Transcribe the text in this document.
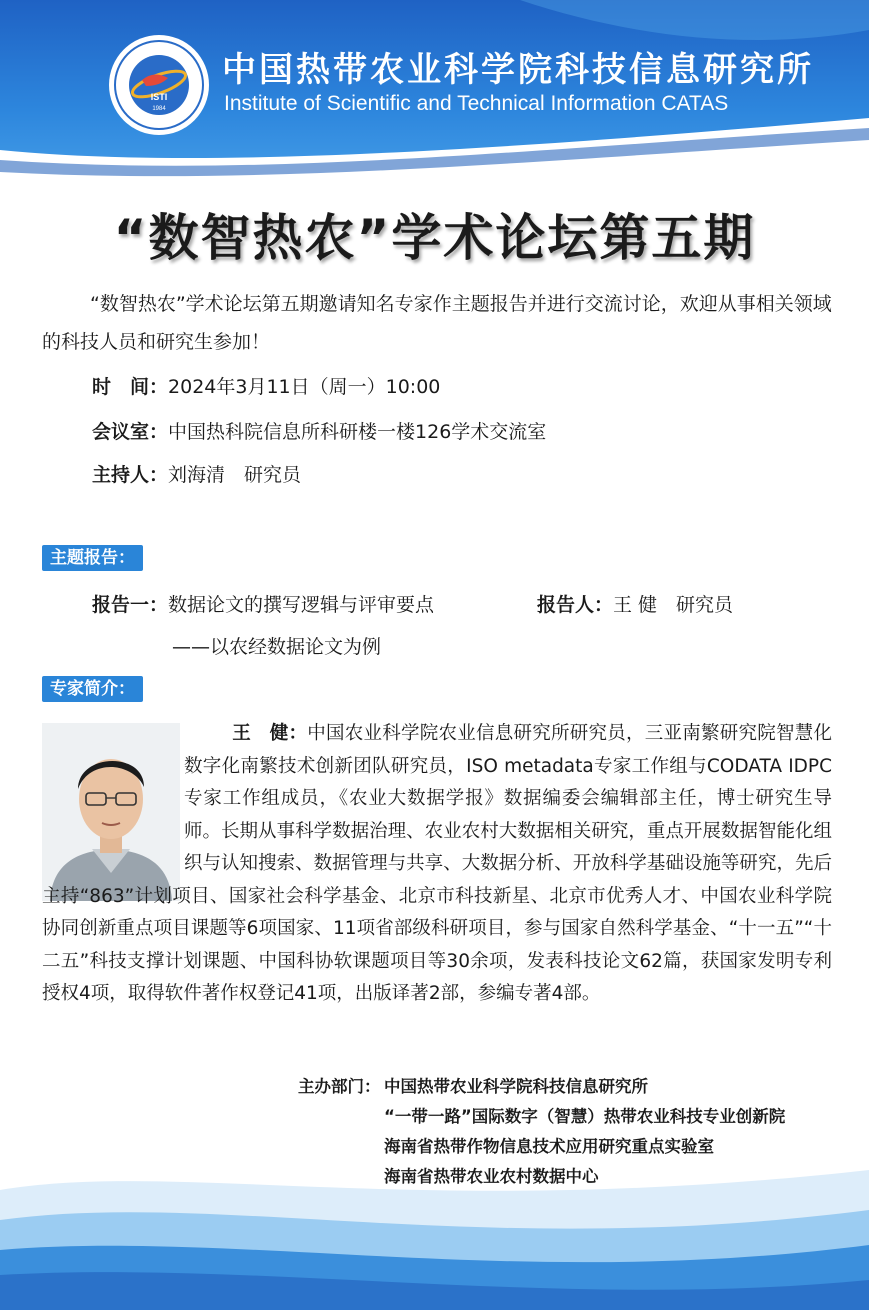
ISTI
1984
中国热带农业科学院科技信息研究所
Institute of Scientific and Technical Information CATAS
“数智热农”学术论坛第五期
“数智热农”学术论坛第五期邀请知名专家作主题报告并进行交流讨论，欢迎从事相关领域的科技人员和研究生参加！
时　间：2024年3月11日（周一）10:00
会议室：中国热科院信息所科研楼一楼126学术交流室
主持人：刘海清　研究员
主题报告：
报告一：数据论文的撰写逻辑与评审要点	报告人：王 健　研究员
——以农经数据论文为例
专家简介：
王　健：中国农业科学院农业信息研究所研究员，三亚南繁研究院智慧化数字化南繁技术创新团队研究员，ISO metadata专家工作组与CODATA IDPC专家工作组成员，《农业大数据学报》数据编委会编辑部主任，博士研究生导师。长期从事科学数据治理、农业农村大数据相关研究，重点开展数据智能化组织与认知搜索、数据管理与共享、大数据分析、开放科学基础设施等研究，先后主持“863”计划项目、国家社会科学基金、北京市科技新星、北京市优秀人才、中国农业科学院协同创新重点项目课题等6项国家、11项省部级科研项目，参与国家自然科学基金、“十一五”“十二五”科技支撑计划课题、中国科协软课题项目等30余项，发表科技论文62篇，获国家发明专利授权4项，取得软件著作权登记41项，出版译著2部，参编专著4部。
主办部门： 中国热带农业科学院科技信息研究所
“一带一路”国际数字（智慧）热带农业科技专业创新院
海南省热带作物信息技术应用研究重点实验室
海南省热带农业农村数据中心
